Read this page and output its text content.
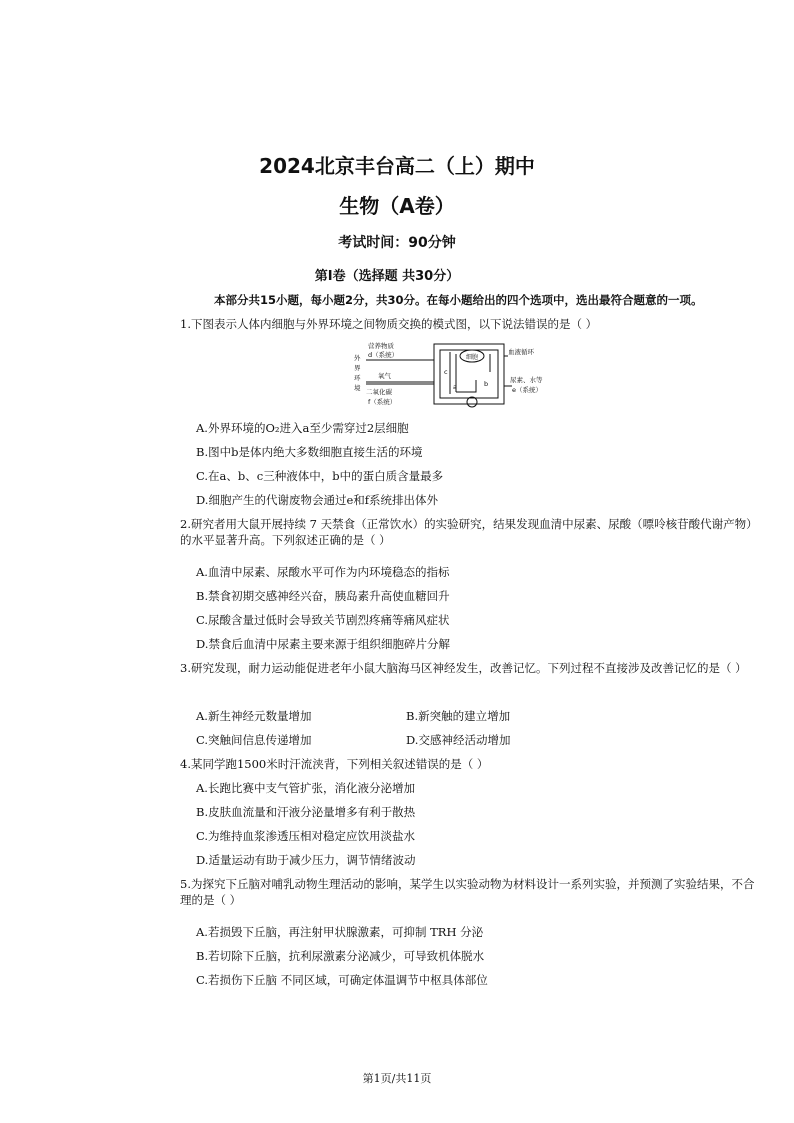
2024北京丰台高二（上）期中
生物（A卷）
考试时间：90分钟
第Ⅰ卷（选择题 共30分）
本部分共15小题，每小题2分，共30分。在每小题给出的四个选项中，选出最符合题意的一项。
1.下图表示人体内细胞与外界环境之间物质交换的模式图，以下说法错误的是（ ）
外
界
环
境
营养物质
d（系统）
氧气
二氧化碳
f（系统）
血液循环
尿素、水等
e（系统）
c
a	b
细胞
A.外界环境的O₂进入a至少需穿过2层细胞
B.图中b是体内绝大多数细胞直接生活的环境
C.在a、b、c三种液体中，b中的蛋白质含量最多
D.细胞产生的代谢废物会通过e和f系统排出体外
2.研究者用大鼠开展持续 7 天禁食（正常饮水）的实验研究，结果发现血清中尿素、尿酸（嘌呤核苷酸代谢产物）的水平显著升高。下列叙述正确的是（ ）
A.血清中尿素、尿酸水平可作为内环境稳态的指标
B.禁食初期交感神经兴奋，胰岛素升高使血糖回升
C.尿酸含量过低时会导致关节剧烈疼痛等痛风症状
D.禁食后血清中尿素主要来源于组织细胞碎片分解
3.研究发现，耐力运动能促进老年小鼠大脑海马区神经发生，改善记忆。下列过程不直接涉及改善记忆的是（ ）
A.新生神经元数量增加	B.新突触的建立增加
C.突触间信息传递增加	D.交感神经活动增加
4.某同学跑1500米时汗流浃背，下列相关叙述错误的是（ ）
A.长跑比赛中支气管扩张，消化液分泌增加
B.皮肤血流量和汗液分泌量增多有利于散热
C.为维持血浆渗透压相对稳定应饮用淡盐水
D.适量运动有助于减少压力，调节情绪波动
5.为探究下丘脑对哺乳动物生理活动的影响，某学生以实验动物为材料设计一系列实验，并预测了实验结果，不合理的是（ ）
A.若损毁下丘脑，再注射甲状腺激素，可抑制 TRH 分泌
B.若切除下丘脑，抗利尿激素分泌减少，可导致机体脱水
C.若损伤下丘脑 不同区域，可确定体温调节中枢具体部位
第1页/共11页
